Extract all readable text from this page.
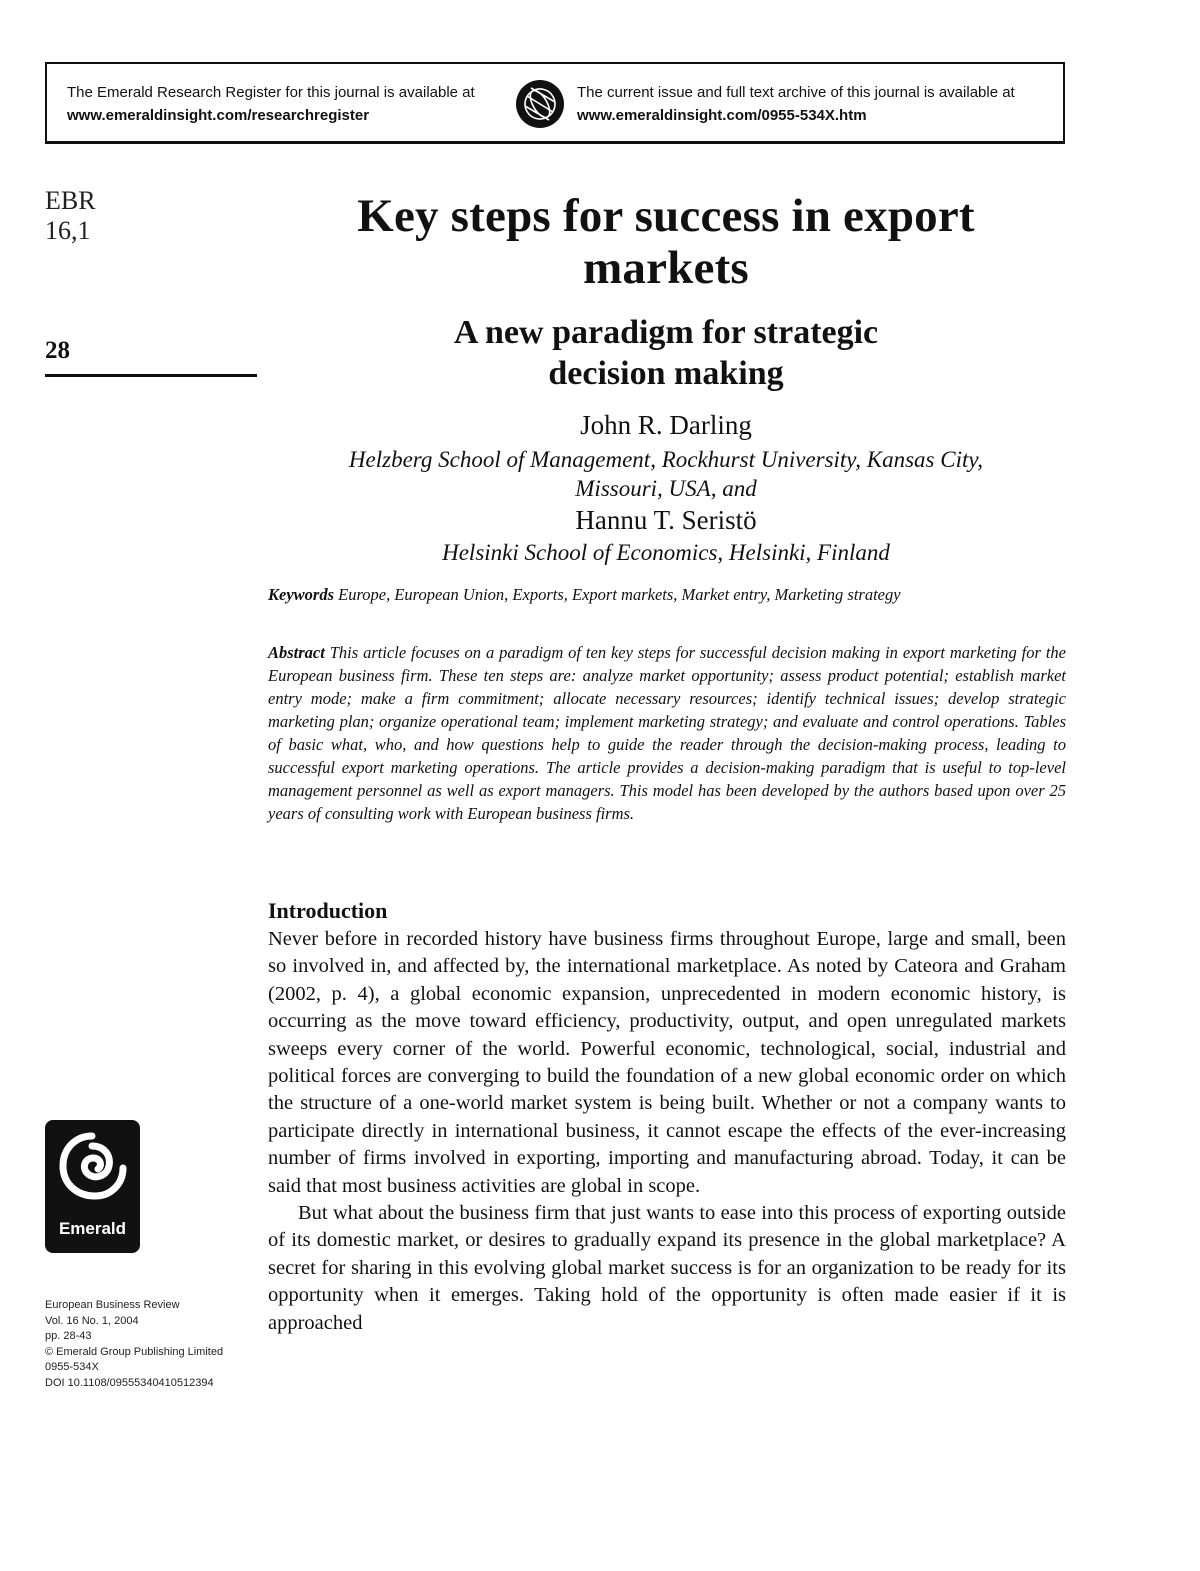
The Emerald Research Register for this journal is available at
www.emeraldinsight.com/researchregister
The current issue and full text archive of this journal is available at
www.emeraldinsight.com/0955-534X.htm
EBR
16,1
28
Key steps for success in export
markets
A new paradigm for strategic
decision making
John R. Darling
Helzberg School of Management, Rockhurst University, Kansas City,
Missouri, USA, and
Hannu T. Seristö
Helsinki School of Economics, Helsinki, Finland
Keywords Europe, European Union, Exports, Export markets, Market entry, Marketing strategy
Abstract This article focuses on a paradigm of ten key steps for successful decision making in export marketing for the European business firm. These ten steps are: analyze market opportunity; assess product potential; establish market entry mode; make a firm commitment; allocate necessary resources; identify technical issues; develop strategic marketing plan; organize operational team; implement marketing strategy; and evaluate and control operations. Tables of basic what, who, and how questions help to guide the reader through the decision-making process, leading to successful export marketing operations. The article provides a decision-making paradigm that is useful to top-level management personnel as well as export managers. This model has been developed by the authors based upon over 25 years of consulting work with European business firms.
Introduction

Never before in recorded history have business firms throughout Europe, large and small, been so involved in, and affected by, the international marketplace. As noted by Cateora and Graham (2002, p. 4), a global economic expansion, unprecedented in modern economic history, is occurring as the move toward efficiency, productivity, output, and open unregulated markets sweeps every corner of the world. Powerful economic, technological, social, industrial and political forces are converging to build the foundation of a new global economic order on which the structure of a one-world market system is being built. Whether or not a company wants to participate directly in international business, it cannot escape the effects of the ever-increasing number of firms involved in exporting, importing and manufacturing abroad. Today, it can be said that most business activities are global in scope.

But what about the business firm that just wants to ease into this process of exporting outside of its domestic market, or desires to gradually expand its presence in the global marketplace? A secret for sharing in this evolving global market success is for an organization to be ready for its opportunity when it emerges. Taking hold of the opportunity is often made easier if it is approached

Emerald
European Business Review
Vol. 16 No. 1, 2004
pp. 28-43
© Emerald Group Publishing Limited
0955-534X
DOI 10.1108/09555340410512394
